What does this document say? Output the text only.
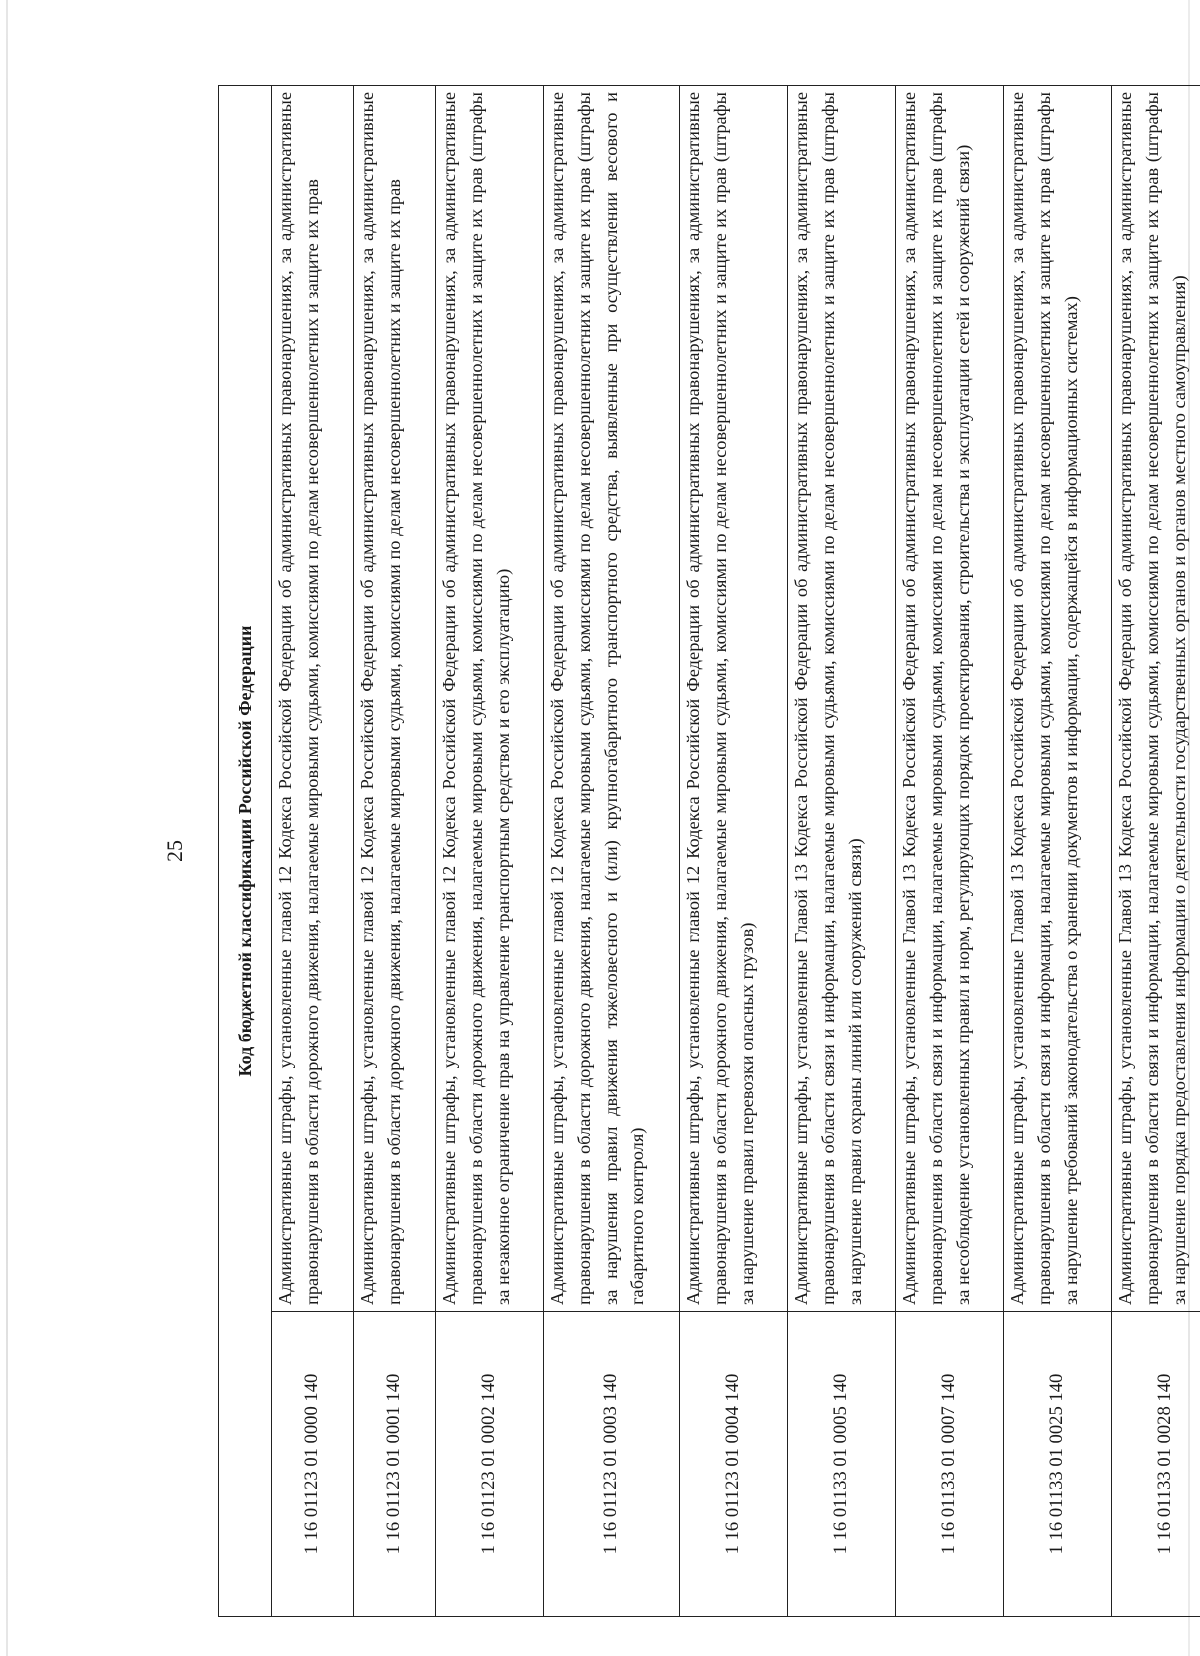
25	Код бюджетной классификации Российской Федерации	
1 16 01123 01 0000 140	Административные штрафы, установленные главой 12 Кодекса Российской Федерации об административных правонарушениях, за административные правонарушения в области дорожного движения, налагаемые мировыми судьями, комиссиями по делам несовершеннолетних и защите их прав
1 16 01123 01 0001 140	Административные штрафы, установленные главой 12 Кодекса Российской Федерации об административных правонарушениях, за административные правонарушения в области дорожного движения, налагаемые мировыми судьями, комиссиями по делам несовершеннолетних и защите их прав
1 16 01123 01 0002 140	Административные штрафы, установленные главой 12 Кодекса Российской Федерации об административных правонарушениях, за административные правонарушения в области дорожного движения, налагаемые мировыми судьями, комиссиями по делам несовершеннолетних и защите их прав (штрафы за незаконное ограничение прав на управление транспортным средством и его эксплуатацию)
1 16 01123 01 0003 140	Административные штрафы, установленные главой 12 Кодекса Российской Федерации об административных правонарушениях, за административные правонарушения в области дорожного движения, налагаемые мировыми судьями, комиссиями по делам несовершеннолетних и защите их прав (штрафы за нарушения правил движения тяжеловесного и (или) крупногабаритного транспортного средства, выявленные при осуществлении весового и габаритного контроля)
1 16 01123 01 0004 140	Административные штрафы, установленные главой 12 Кодекса Российской Федерации об административных правонарушениях, за административные правонарушения в области дорожного движения, налагаемые мировыми судьями, комиссиями по делам несовершеннолетних и защите их прав (штрафы за нарушение правил перевозки опасных грузов)
1 16 01133 01 0005 140	Административные штрафы, установленные Главой 13 Кодекса Российской Федерации об административных правонарушениях, за административные правонарушения в области связи и информации, налагаемые мировыми судьями, комиссиями по делам несовершеннолетних и защите их прав (штрафы за нарушение правил охраны линий или сооружений связи)
1 16 01133 01 0007 140	Административные штрафы, установленные Главой 13 Кодекса Российской Федерации об административных правонарушениях, за административные правонарушения в области связи и информации, налагаемые мировыми судьями, комиссиями по делам несовершеннолетних и защите их прав (штрафы за несоблюдение установленных правил и норм, регулирующих порядок проектирования, строительства и эксплуатации сетей и сооружений связи)
1 16 01133 01 0025 140	Административные штрафы, установленные Главой 13 Кодекса Российской Федерации об административных правонарушениях, за административные правонарушения в области связи и информации, налагаемые мировыми судьями, комиссиями по делам несовершеннолетних и защите их прав (штрафы за нарушение требований законодательства о хранении документов и информации, содержащейся в информационных системах)
1 16 01133 01 0028 140	Административные штрафы, установленные Главой 13 Кодекса Российской Федерации об административных правонарушениях, за административные правонарушения в области связи и информации, налагаемые мировыми судьями, комиссиями по делам несовершеннолетних и защите их прав (штрафы за нарушение порядка предоставления информации о деятельности государственных органов и органов местного самоуправления)
